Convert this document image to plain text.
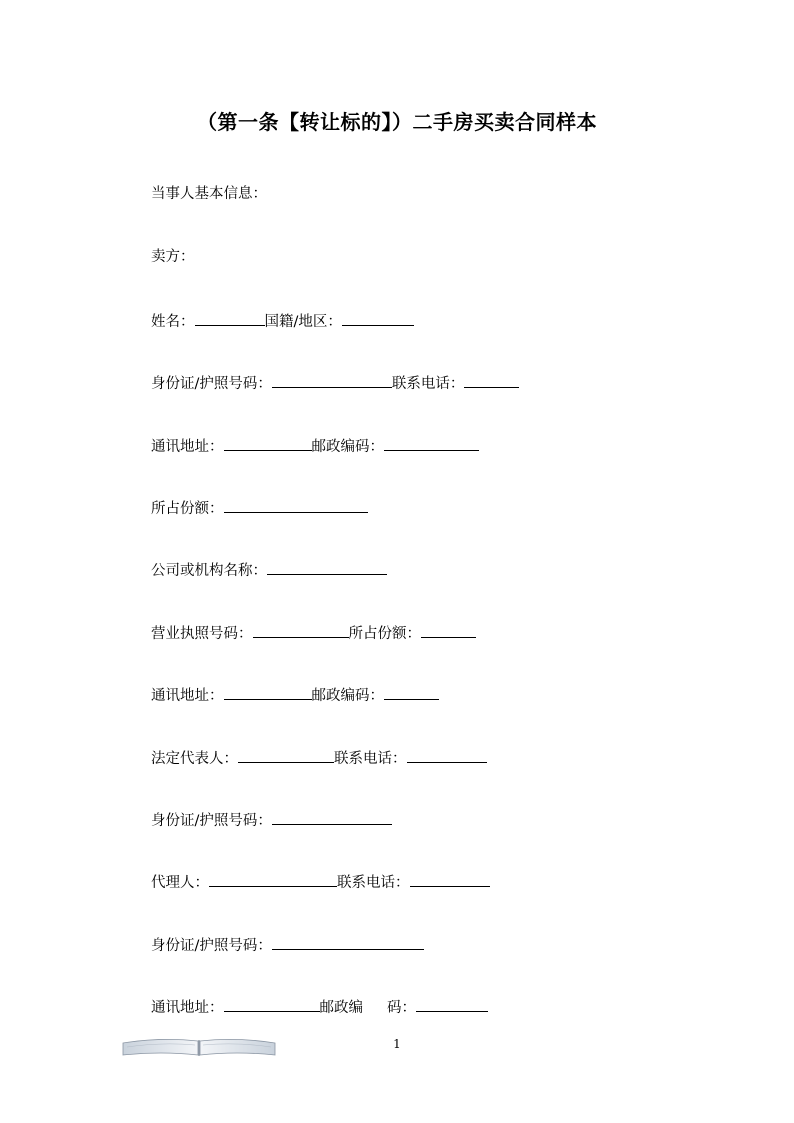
（第一条【转让标的】）二手房买卖合同样本
当事人基本信息：
卖方：
姓名：	国籍/地区：
身份证/护照号码：	联系电话：
通讯地址：	邮政编码：
所占份额：
公司或机构名称：
营业执照号码：	所占份额：
通讯地址：	邮政编码：
法定代表人：	联系电话：
身份证/护照号码：
代理人：	联系电话：
身份证/护照号码：
通讯地址：	邮政编 码：
1
